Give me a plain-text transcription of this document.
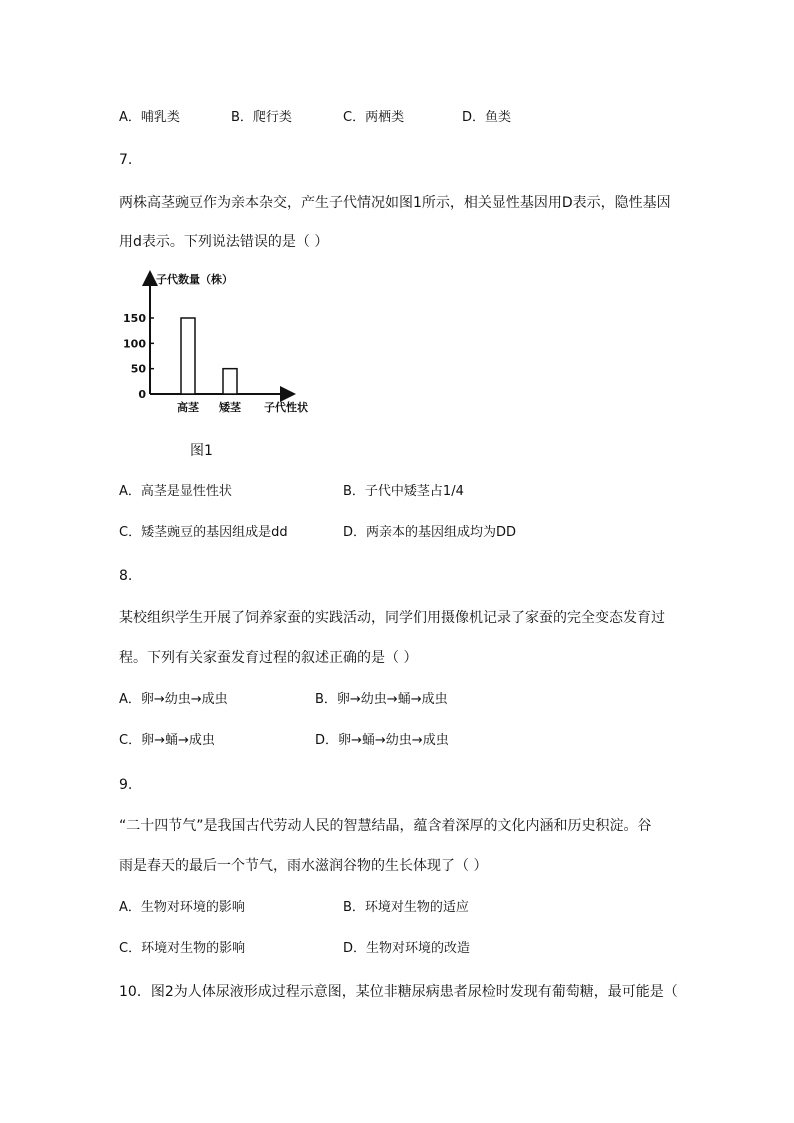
A．哺乳类	B．爬行类	C．两栖类	D．鱼类
7.
两株高茎豌豆作为亲本杂交，产生子代情况如图1所示，相关显性基因用D表示，隐性基因
用d表示。下列说法错误的是（ ）
子代数量（株）
子代性状
150
100
50
0
高茎 矮茎
图1
A．高茎是显性性状	B．子代中矮茎占1/4
C．矮茎豌豆的基因组成是dd	D．两亲本的基因组成均为DD
8.
某校组织学生开展了饲养家蚕的实践活动，同学们用摄像机记录了家蚕的完全变态发育过
程。下列有关家蚕发育过程的叙述正确的是（ ）
A．卵→幼虫→成虫	B．卵→幼虫→蛹→成虫
C．卵→蛹→成虫	D．卵→蛹→幼虫→成虫
9.
“二十四节气”是我国古代劳动人民的智慧结晶，蕴含着深厚的文化内涵和历史积淀。谷
雨是春天的最后一个节气，雨水滋润谷物的生长体现了（ ）
A．生物对环境的影响	B．环境对生物的适应
C．环境对生物的影响	D．生物对环境的改造
10．图2为人体尿液形成过程示意图，某位非糖尿病患者尿检时发现有葡萄糖，最可能是（
